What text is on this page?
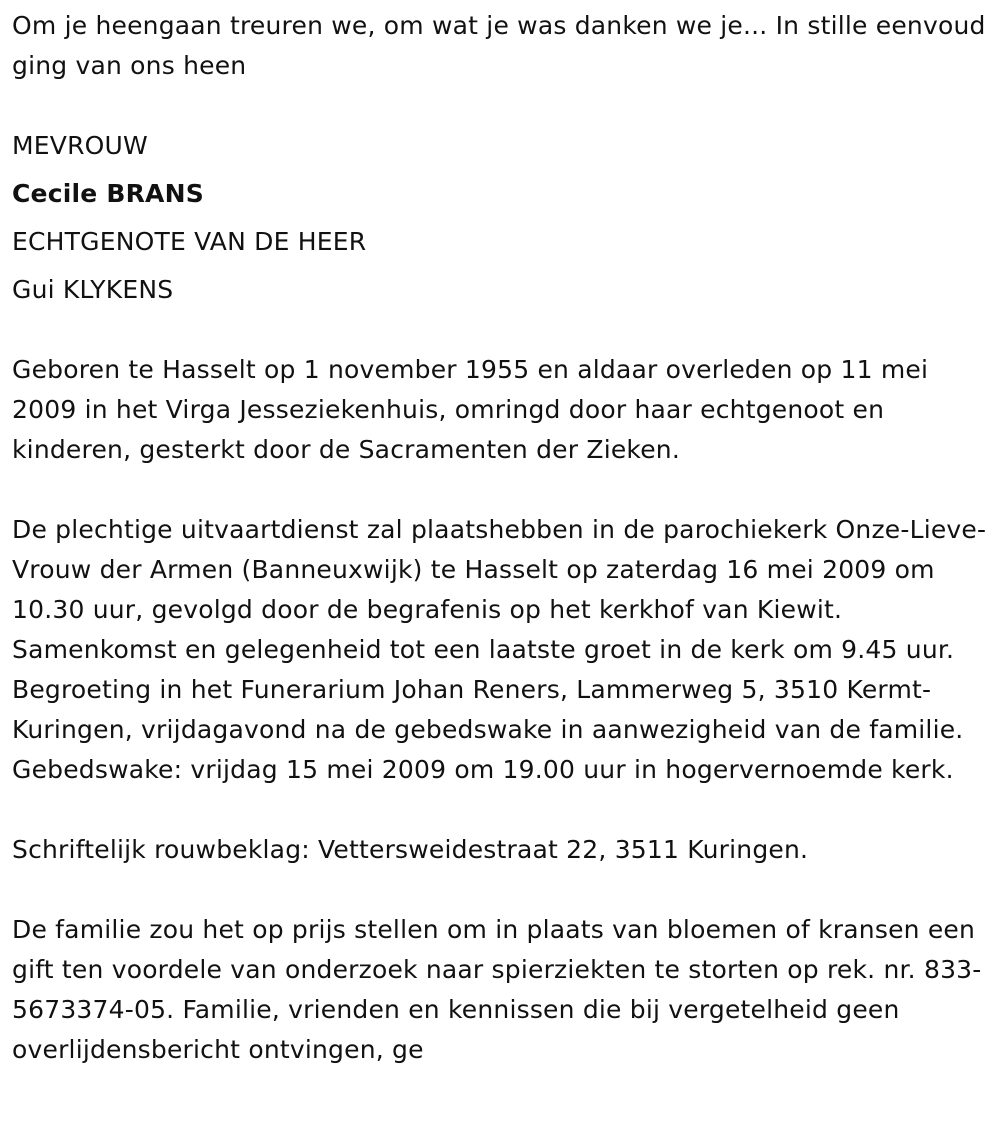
Om je heengaan treuren we, om wat je was danken we je... In stille eenvoud ging van ons heen

MEVROUW

Cecile BRANS

ECHTGENOTE VAN DE HEER

Gui KLYKENS

Geboren te Hasselt op 1 november 1955 en aldaar overleden op 11 mei 2009 in het Virga Jesseziekenhuis, omringd door haar echtgenoot en kinderen, gesterkt door de Sacramenten der Zieken.

De plechtige uitvaartdienst zal plaatshebben in de parochiekerk Onze-Lieve-Vrouw der Armen (Banneuxwijk) te Hasselt op zaterdag 16 mei 2009 om 10.30 uur, gevolgd door de begrafenis op het kerkhof van Kiewit. Samenkomst en gelegenheid tot een laatste groet in de kerk om 9.45 uur. Begroeting in het Funerarium Johan Reners, Lammerweg 5, 3510 Kermt-Kuringen, vrijdagavond na de gebedswake in aanwezigheid van de familie. Gebedswake: vrijdag 15 mei 2009 om 19.00 uur in hogervernoemde kerk.

Schriftelijk rouwbeklag: Vettersweidestraat 22, 3511 Kuringen.

De familie zou het op prijs stellen om in plaats van bloemen of kransen een gift ten voordele van onderzoek naar spierziekten te storten op rek. nr. 833-5673374-05. Familie, vrienden en kennissen die bij vergetelheid geen overlijdensbericht ontvingen, ge
